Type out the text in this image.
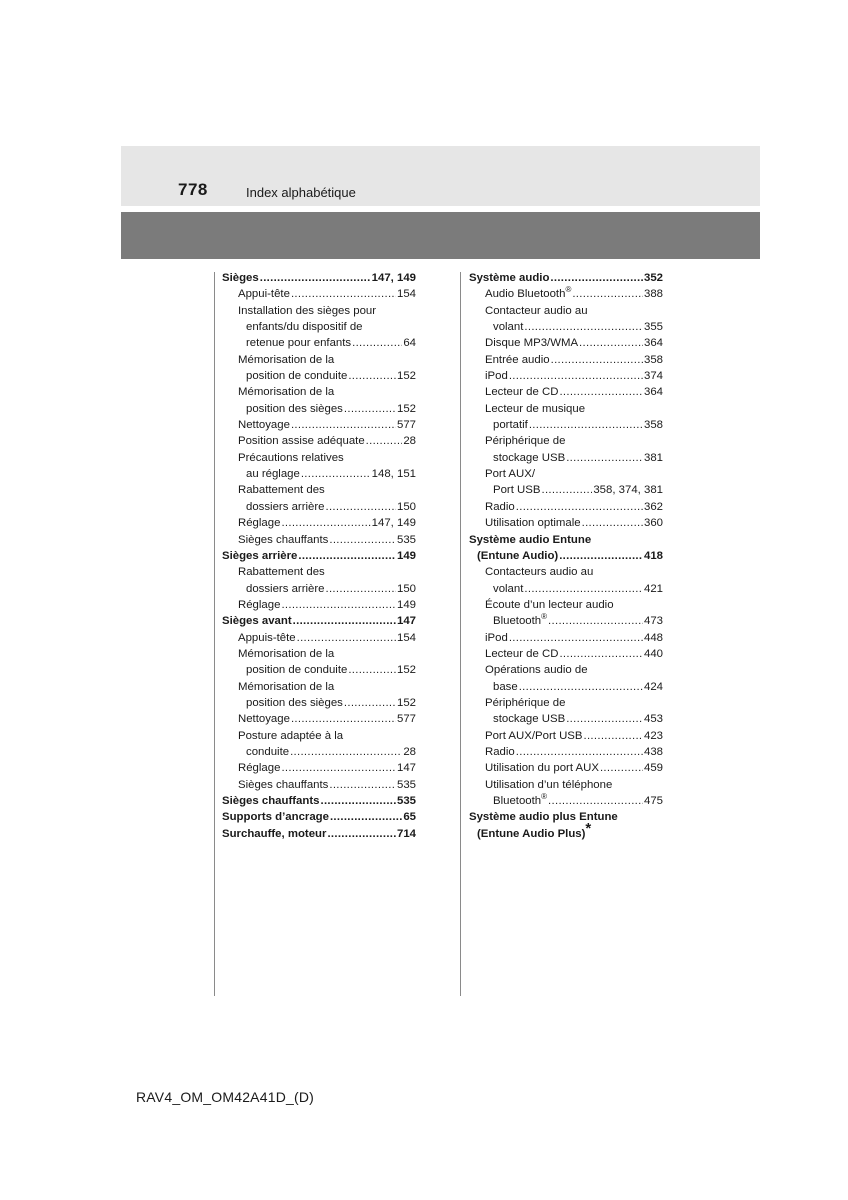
778	Index alphabétique
Sièges .....	147, 149
Appui-tête .....	154
Installation des sièges pour
enfants/du dispositif de
retenue pour enfants .....	64
Mémorisation de la
position de conduite .....	152
Mémorisation de la
position des sièges .....	152
Nettoyage .....	577
Position assise adéquate .....	28
Précautions relatives
au réglage .....	148, 151
Rabattement des
dossiers arrière .....	150
Réglage .....	147, 149
Sièges chauffants .....	535
Sièges arrière .....	149
Rabattement des
dossiers arrière .....	150
Réglage .....	149
Sièges avant .....	147
Appuis-tête .....	154
Mémorisation de la
position de conduite .....	152
Mémorisation de la
position des sièges .....	152
Nettoyage .....	577
Posture adaptée à la
conduite .....	28
Réglage .....	147
Sièges chauffants .....	535
Sièges chauffants .....	535
Supports d’ancrage .....	65
Surchauffe, moteur .....	714
Système audio .....	352
Audio Bluetooth® .....	388
Contacteur audio au
volant .....	355
Disque MP3/WMA .....	364
Entrée audio .....	358
iPod .....	374
Lecteur de CD .....	364
Lecteur de musique
portatif .....	358
Périphérique de
stockage USB .....	381
Port AUX/
Port USB .....	358, 374, 381
Radio .....	362
Utilisation optimale .....	360
Système audio Entune
(Entune Audio) .....	418
Contacteurs audio au
volant .....	421
Écoute d’un lecteur audio
Bluetooth® .....	473
iPod .....	448
Lecteur de CD .....	440
Opérations audio de
base .....	424
Périphérique de
stockage USB .....	453
Port AUX/Port USB .....	423
Radio .....	438
Utilisation du port AUX .....	459
Utilisation d’un téléphone
Bluetooth® .....	475
Système audio plus Entune
(Entune Audio Plus)*
RAV4_OM_OM42A41D_(D)
